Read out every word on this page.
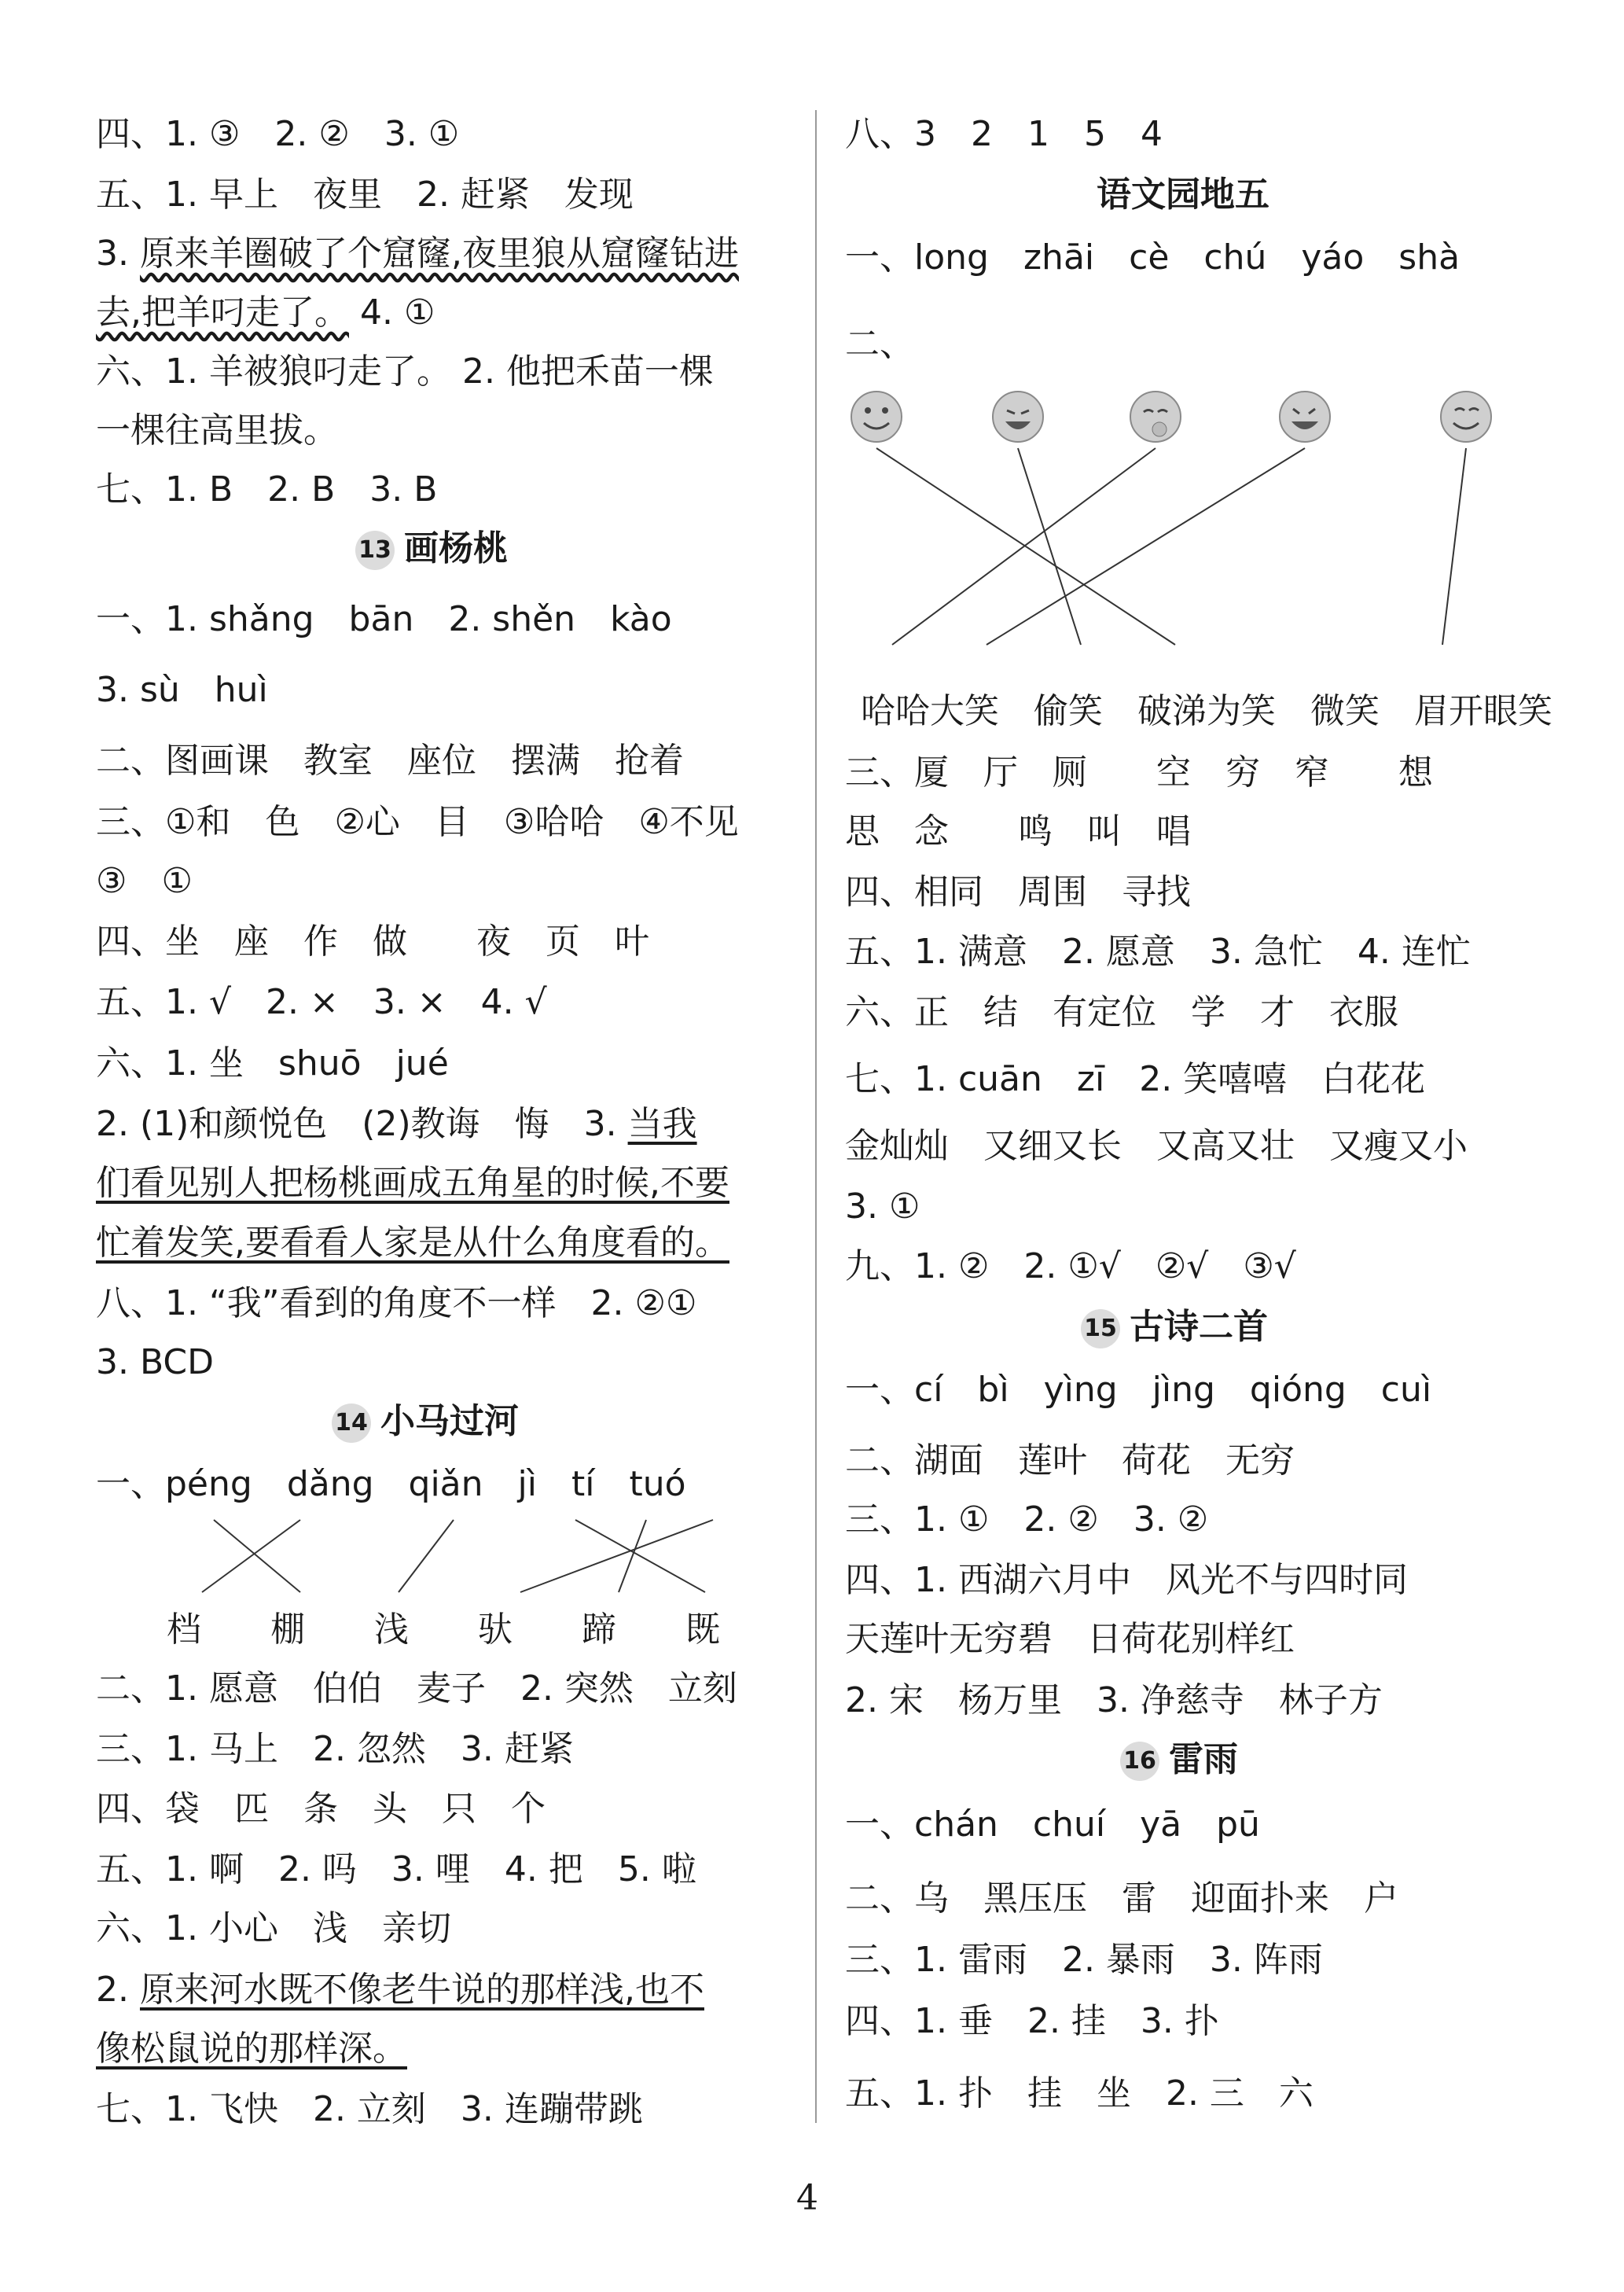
四、1. ③　2. ②　3. ①
五、1. 早上　夜里　2. 赶紧　发现
3. 原来羊圈破了个窟窿,夜里狼从窟窿钻进
去,把羊叼走了。 4. ①
六、1. 羊被狼叼走了。 2. 他把禾苗一棵
一棵往高里拔。
七、1. B　2. B　3. B
13 画杨桃
一、1. shǎng　bān　2. shěn　kào
3. sù　huì
二、图画课　教室　座位　摆满　抢着
三、①和　色　②心　目　③哈哈　④不见
③　①
四、坐　座　作　做　　夜　页　叶
五、1. √　2. ×　3. ×　4. √
六、1. 坐　shuō　jué
2. (1)和颜悦色　(2)教诲　悔　3. 当我
们看见别人把杨桃画成五角星的时候,不要
忙着发笑,要看看人家是从什么角度看的。
八、1. “我”看到的角度不一样　2. ②①
3. BCD
14 小马过河
一、péng　dǎng　qiǎn　jì　tí　tuó
档　　棚　　浅　　驮　　蹄　　既
二、1. 愿意　伯伯　麦子　2. 突然　立刻
三、1. 马上　2. 忽然　3. 赶紧
四、袋　匹　条　头　只　个
五、1. 啊　2. 吗　3. 哩　4. 把　5. 啦
六、1. 小心　浅　亲切
2. 原来河水既不像老牛说的那样浅,也不
像松鼠说的那样深。
七、1. 飞快　2. 立刻　3. 连蹦带跳
八、3　2　1　5　4
语文园地五
一、long　zhāi　cè　chú　yáo　shà
二、
哈哈大笑　偷笑　破涕为笑　微笑　眉开眼笑
三、厦　厅　厕　　空　穷　窄　　想
思　念　　鸣　叫　唱
四、相同　周围　寻找
五、1. 满意　2. 愿意　3. 急忙　4. 连忙
六、正　结　有定位　学　才　衣服
七、1. cuān　zī　2. 笑嘻嘻　白花花
金灿灿　又细又长　又高又壮　又瘦又小
3. ①
九、1. ②　2. ①√　②√　③√
15 古诗二首
一、cí　bì　yìng　jìng　qióng　cuì
二、湖面　莲叶　荷花　无穷
三、1. ①　2. ②　3. ②
四、1. 西湖六月中　风光不与四时同
天莲叶无穷碧　日荷花别样红
2. 宋　杨万里　3. 净慈寺　林子方
16 雷雨
一、chán　chuí　yā　pū
二、乌　黑压压　雷　迎面扑来　户
三、1. 雷雨　2. 暴雨　3. 阵雨
四、1. 垂　2. 挂　3. 扑
五、1. 扑　挂　坐　2. 三　六
4
